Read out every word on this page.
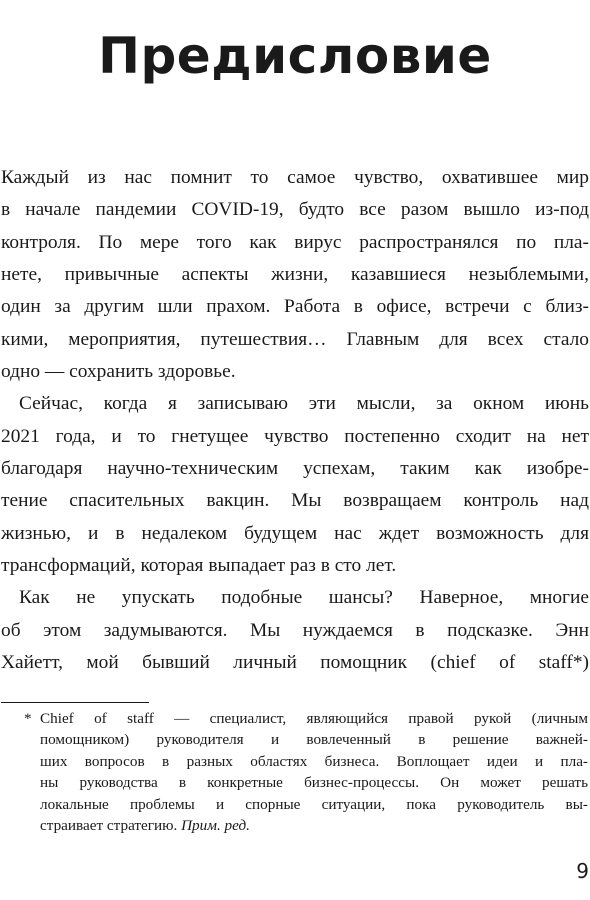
Предисловие

Каждый из нас помнит то самое чувство, охватившее мир

в начале пандемии COVID-19, будто все разом вышло из-под

контроля. По мере того как вирус распространялся по пла-

нете, привычные аспекты жизни, казавшиеся незыблемыми,

один за другим шли прахом. Работа в офисе, встречи с близ-

кими, мероприятия, путешествия… Главным для всех стало

одно — сохранить здоровье.

Сейчас, когда я записываю эти мысли, за окном июнь

2021 года, и то гнетущее чувство постепенно сходит на нет

благодаря научно-техническим успехам, таким как изобре-

тение спасительных вакцин. Мы возвращаем контроль над

жизнью, и в недалеком будущем нас ждет возможность для

трансформаций, которая выпадает раз в сто лет.

Как не упускать подобные шансы? Наверное, многие

об этом задумываются. Мы нуждаемся в подсказке. Энн

Хайетт, мой бывший личный помощник (chief of staff*)

* Chief of staff — специалист, являющийся правой рукой (личным

помощником) руководителя и вовлеченный в решение важней-

ших вопросов в разных областях бизнеса. Воплощает идеи и пла-

ны руководства в конкретные бизнес-процессы. Он может решать

локальные проблемы и спорные ситуации, пока руководитель вы-

страивает стратегию. Прим. ред.

9
